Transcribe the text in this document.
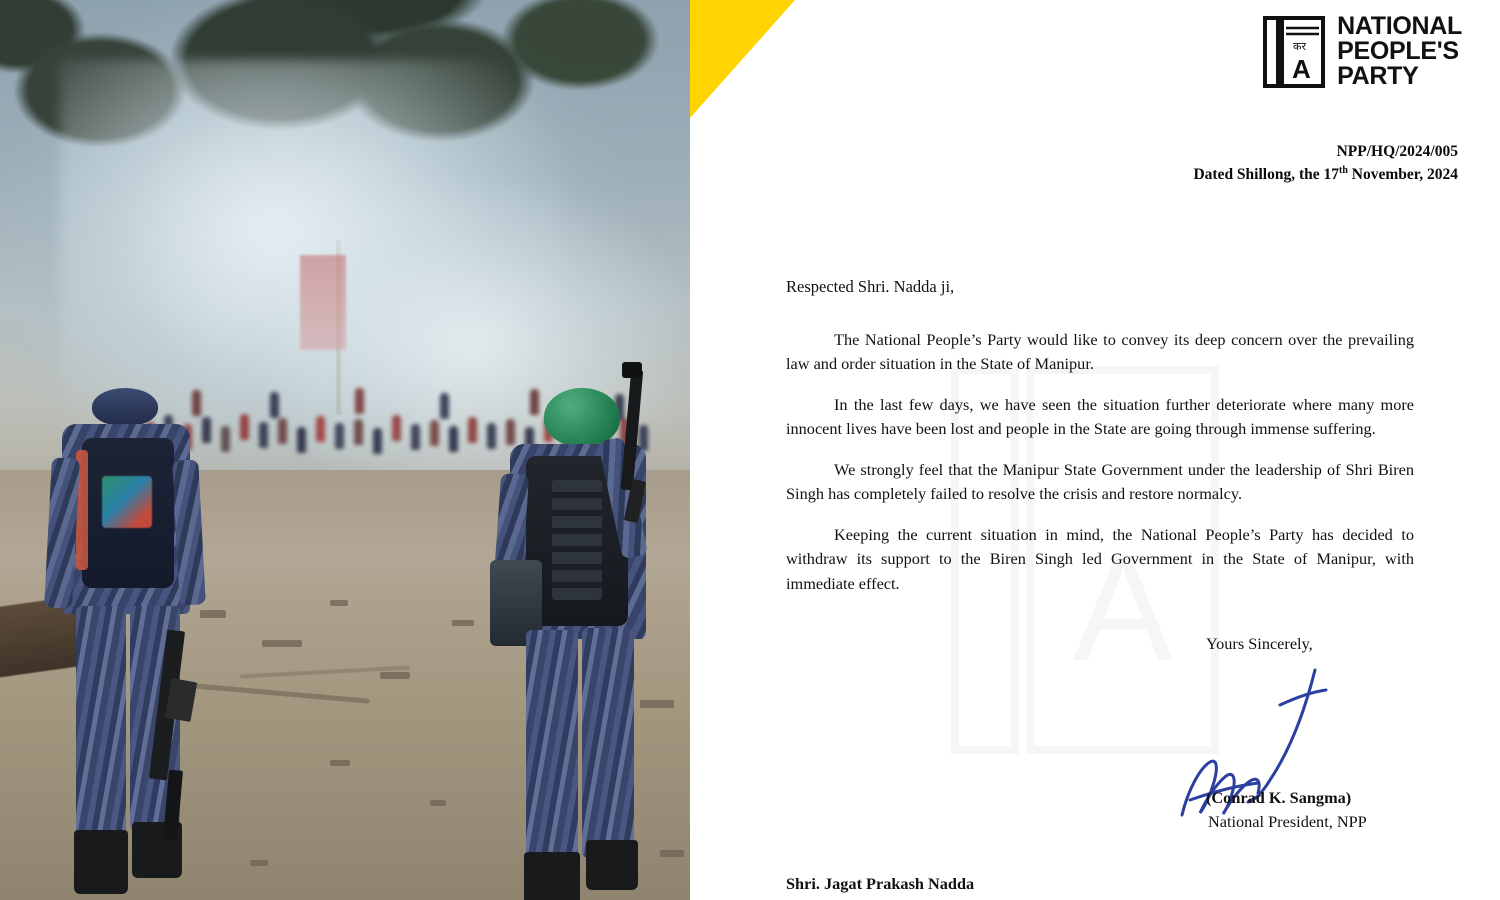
A
कर
A
NATIONAL
PEOPLE'S
PARTY
NPP/HQ/2024/005
Dated Shillong, the 17th November, 2024
Respected Shri. Nadda ji,

The National People’s Party would like to convey its deep concern over the prevailing law and order situation in the State of Manipur.

In the last few days, we have seen the situation further deteriorate where many more innocent lives have been lost and people in the State are going through immense suffering.

We strongly feel that the Manipur State Government under the leadership of Shri Biren Singh has completely failed to resolve the crisis and restore normalcy.

Keeping the current situation in mind, the National People’s Party has decided to withdraw its support to the Biren Singh led Government in the State of Manipur, with immediate effect.

Yours Sincerely,
(Conrad K. Sangma)
National President, NPP
Shri. Jagat Prakash Nadda
